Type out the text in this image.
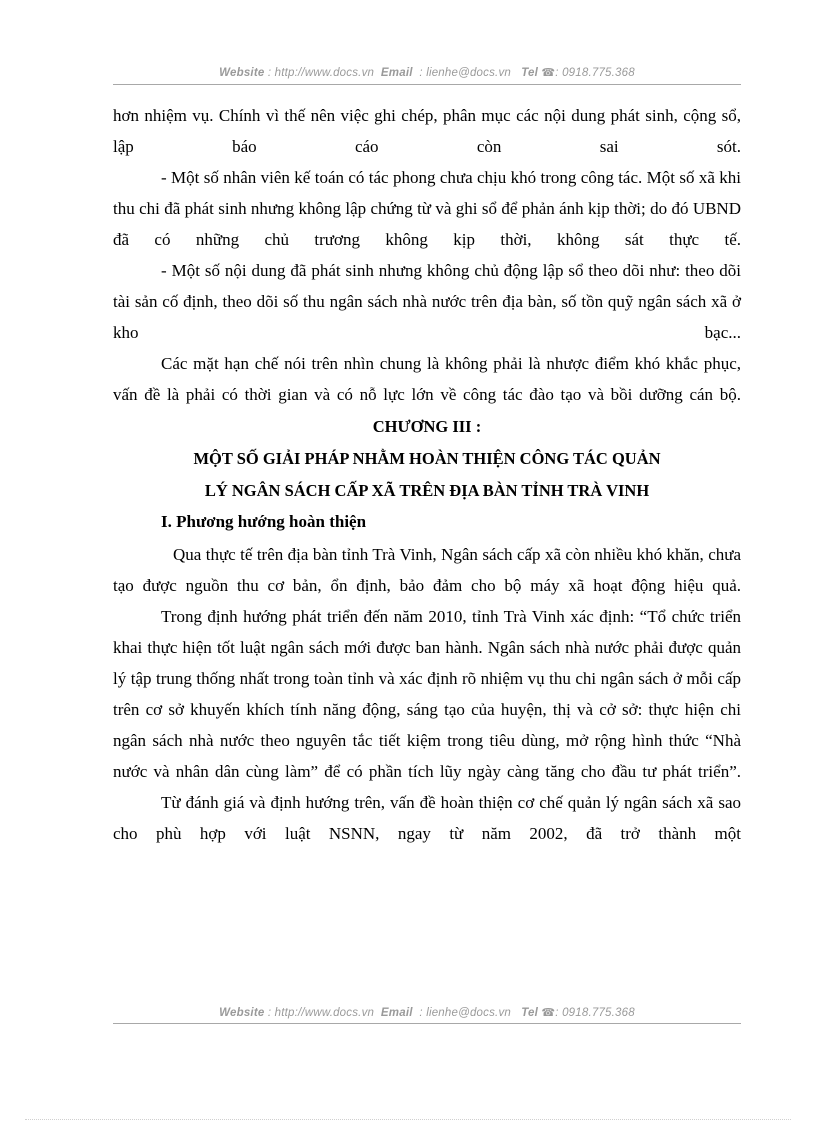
Website : http://www.docs.vn Email : lienhe@docs.vn Tel ☎: 0918.775.368

hơn nhiệm vụ. Chính vì thế nên việc ghi chép, phân mục các nội dung phát sinh, cộng sổ, lập báo cáo còn sai sót.

- Một số nhân viên kế toán có tác phong chưa chịu khó trong công tác. Một số xã khi thu chi đã phát sinh nhưng không lập chứng từ và ghi sổ để phản ánh kịp thời; do đó UBND đã có những chủ trương không kịp thời, không sát thực tế.

- Một số nội dung đã phát sinh nhưng không chủ động lập sổ theo dõi như: theo dõi tài sản cố định, theo dõi số thu ngân sách nhà nước trên địa bàn, số tồn quỹ ngân sách xã ở kho bạc...

Các mặt hạn chế nói trên nhìn chung là không phải là nhược điểm khó khắc phục, vấn đề là phải có thời gian và có nỗ lực lớn về công tác đào tạo và bồi dưỡng cán bộ.

CHƯƠNG III :

MỘT SỐ GIẢI PHÁP NHẰM HOÀN THIỆN CÔNG TÁC QUẢN

LÝ NGÂN SÁCH CẤP XÃ TRÊN ĐỊA BÀN TỈNH TRÀ VINH

I. Phương hướng hoàn thiện

Qua thực tế trên địa bàn tỉnh Trà Vinh, Ngân sách cấp xã còn nhiều khó khăn, chưa tạo được nguồn thu cơ bản, ổn định, bảo đảm cho bộ máy xã hoạt động hiệu quả.

Trong định hướng phát triển đến năm 2010, tỉnh Trà Vinh xác định: “Tổ chức triển khai thực hiện tốt luật ngân sách mới được ban hành. Ngân sách nhà nước phải được quản lý tập trung thống nhất trong toàn tỉnh và xác định rõ nhiệm vụ thu chi ngân sách ở mỗi cấp trên cơ sở khuyến khích tính năng động, sáng tạo của huyện, thị và cở sở: thực hiện chi ngân sách nhà nước theo nguyên tắc tiết kiệm trong tiêu dùng, mở rộng hình thức “Nhà nước và nhân dân cùng làm” để có phần tích lũy ngày càng tăng cho đầu tư phát triển”.

Từ đánh giá và định hướng trên, vấn đề hoàn thiện cơ chế quản lý ngân sách xã sao cho phù hợp với luật NSNN, ngay từ năm 2002, đã trở thành một

Website : http://www.docs.vn Email : lienhe@docs.vn Tel ☎: 0918.775.368
